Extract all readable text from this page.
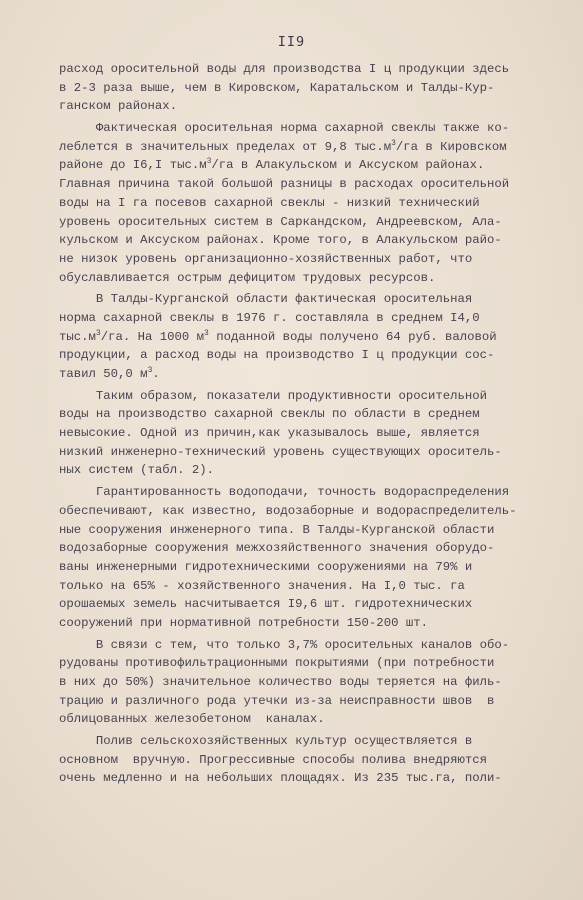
II9
расход оросительной воды для производства I ц продукции здесь
в 2-3 раза выше, чем в Кировском, Каратальском и Талды-Кур-
ганском районах.
Фактическая оросительная норма сахарной свеклы также ко-
леблется в значительных пределах от 9,8 $тыс.м^3/га$ в Кировском
районе до I6,I $тыс.м^3/га$ в Алакульском и Аксуском районах.
Главная причина такой большой разницы в расходах оросительной
воды на I га посевов сахарной свеклы - низкий технический
уровень оросительных систем в Саркандском, Андреевском, Ала-
кульском и Аксуском районах. Кроме того, в Алакульском райо-
не низок уровень организационно-хозяйственных работ, что
обуславливается острым дефицитом трудовых ресурсов.
В Талды-Курганской области фактическая оросительная
норма сахарной свеклы в 1976 г. составляла в среднем I4,0
$тыс.м^3/га$. На 1000 $м^3$ поданной воды получено 64 руб. валовой
продукции, а расход воды на производство I ц продукции сос-
тавил 50,0 $м^3$.
Таким образом, показатели продуктивности оросительной
воды на производство сахарной свеклы по области в среднем
невысокие. Одной из причин,как указывалось выше, является
низкий инженерно-технический уровень существующих ороситель-
ных систем (табл. 2).
Гарантированность водоподачи, точность водораспределения
обеспечивают, как известно, водозаборные и водораспределитель-
ные сооружения инженерного типа. В Талды-Курганской области
водозаборные сооружения межхозяйственного значения оборудо-
ваны инженерными гидротехническими сооружениями на 79% и
только на 65% - хозяйственного значения. На I,0 тыс. га
орошаемых земель насчитывается I9,6 шт. гидротехнических
сооружений при нормативной потребности 150-200 шт.
В связи с тем, что только 3,7% оросительных каналов обо-
рудованы противофильтрационными покрытиями (при потребности
в них до 50%) значительное количество воды теряется на филь-
трацию и различного рода утечки из-за неисправности швов  в
облицованных железобетоном  каналах.
Полив сельскохозяйственных культур осуществляется в
основном  вручную. Прогрессивные способы полива внедряются
очень медленно и на небольших площадях. Из 235 тыс.га, поли-
